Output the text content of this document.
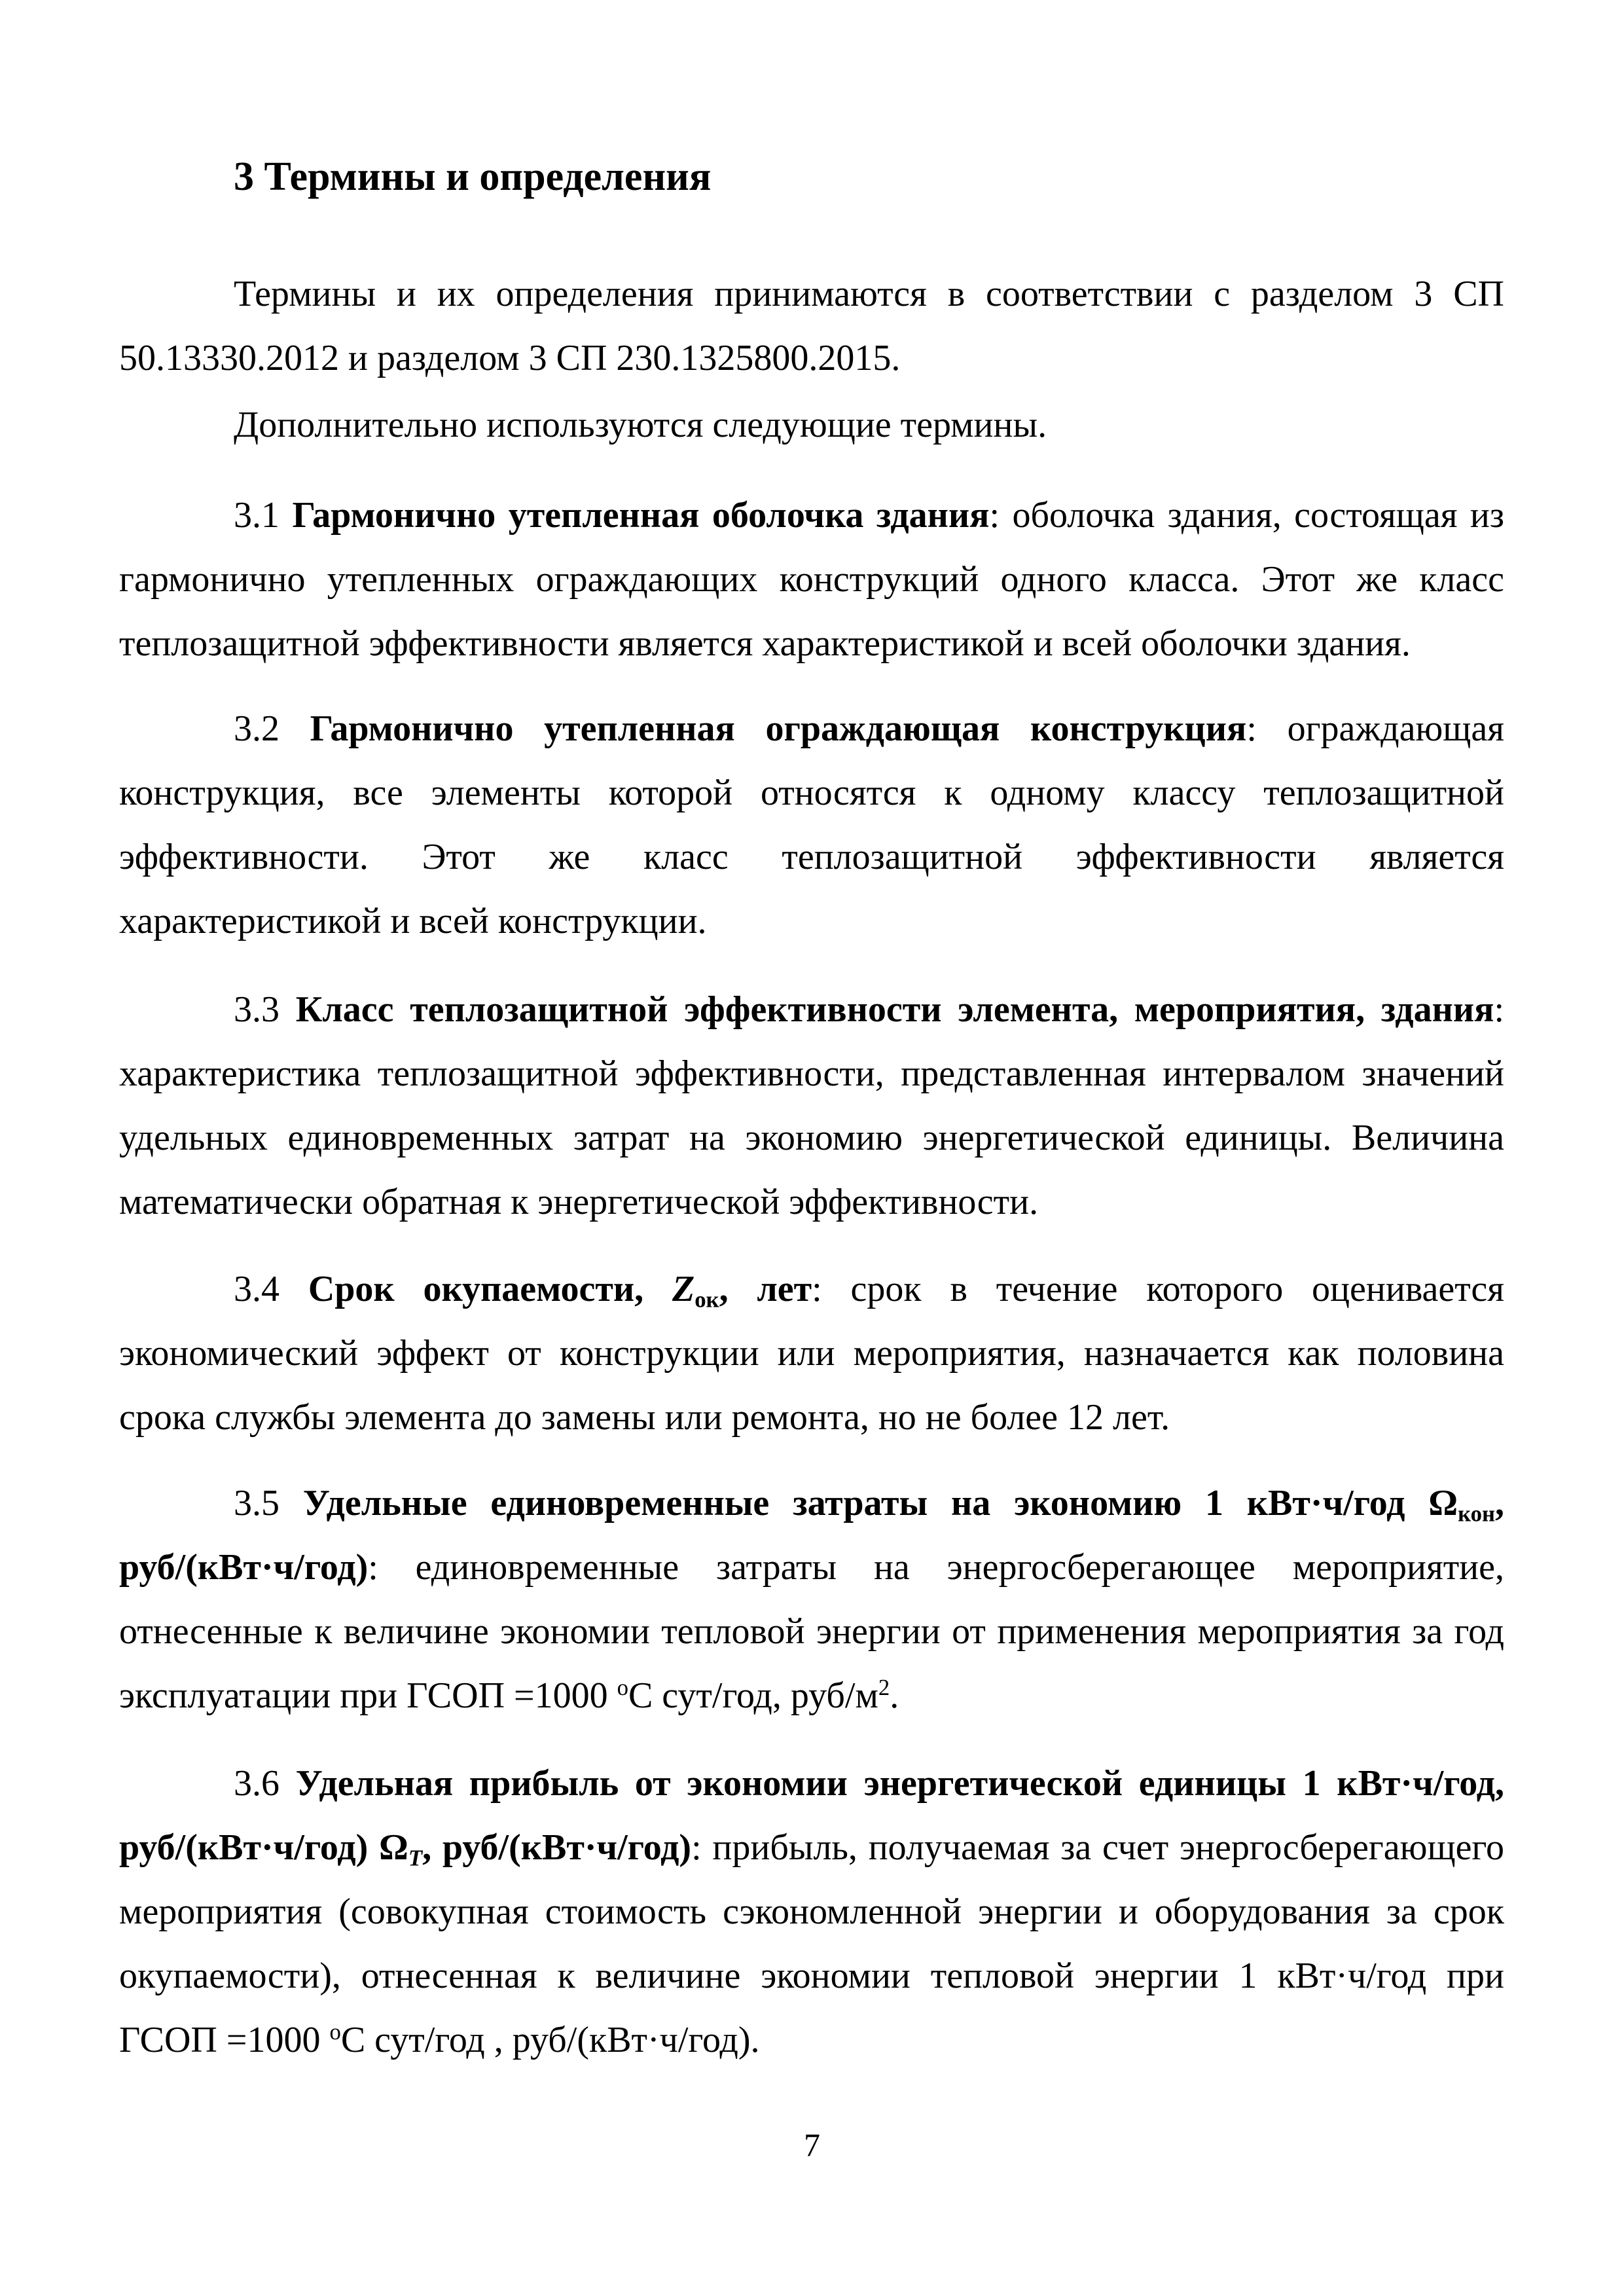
3 Термины и определения

Термины и их определения принимаются в соответствии с разделом 3 СП 50.13330.2012 и разделом 3 СП 230.1325800.2015.

Дополнительно используются следующие термины.

3.1 Гармонично утепленная оболочка здания: оболочка здания, состоящая из гармонично утепленных ограждающих конструкций одного класса. Этот же класс теплозащитной эффективности является характеристикой и всей оболочки здания.

3.2 Гармонично утепленная ограждающая конструкция: ограждающая конструкция, все элементы которой относятся к одному классу теплозащитной эффективности. Этот же класс теплозащитной эффективности является характеристикой и всей конструкции.

3.3 Класс теплозащитной эффективности элемента, мероприятия, здания: характеристика теплозащитной эффективности, представленная интервалом значений удельных единовременных затрат на экономию энергетической единицы. Величина математически обратная к энергетической эффективности.

3.4 Срок окупаемости, $Z_{ок}$, лет: срок в течение которого оценивается экономический эффект от конструкции или мероприятия, назначается как половина срока службы элемента до замены или ремонта, но не более 12 лет.

3.5 Удельные единовременные затраты на экономию 1 кВт·ч/год $\Omega_{кон}$, руб/(кВт·ч/год): единовременные затраты на энергосберегающее мероприятие, отнесенные к величине экономии тепловой энергии от применения мероприятия за год эксплуатации при ГСОП =1000 $^о$С сут/год, руб/$м^2$.

3.6 Удельная прибыль от экономии энергетической единицы 1 кВт·ч/год, руб/(кВт·ч/год) $\Omega_T$, руб/(кВт·ч/год): прибыль, получаемая за счет энергосберегающего мероприятия (совокупная стоимость сэкономленной энергии и оборудования за срок окупаемости), отнесенная к величине экономии тепловой энергии 1 кВт·ч/год при ГСОП =1000 $^о$С сут/год , руб/(кВт·ч/год).

7
